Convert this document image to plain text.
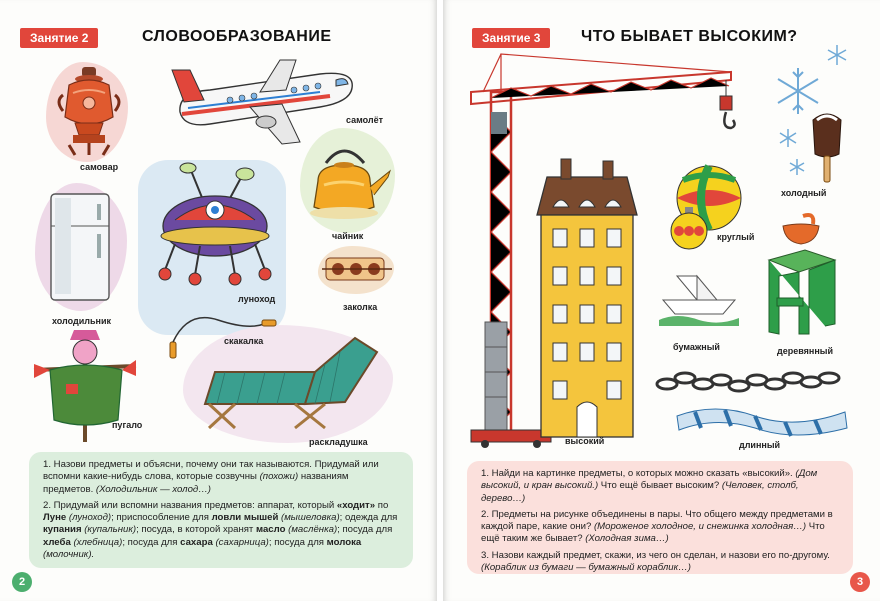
Занятие 2	СЛОВООБРАЗОВАНИЕ
самовар
самолёт
чайник
холодильник
луноход
заколка
скакалка
раскладушка
пугало

1. Назови предметы и объясни, почему они так называются. Придумай или вспомни какие-нибудь слова, которые созвучны (похожи) названиям предметов. (Холодильник — холод…)

2. Придумай или вспомни названия предметов: аппарат, который «ходит» по Луне (луноход); приспособление для ловли мышей (мышеловка); одежда для купания (купальник); посуда, в которой хранят масло (маслёнка); посуда для хлеба (хлебница); посуда для сахара (сахарница); посуда для молока (молочник).

2
Занятие 3	ЧТО БЫВАЕТ ВЫСОКИМ?
высокий
холодный
круглый
бумажный	деревянный
длинный

1. Найди на картинке предметы, о которых можно сказать «высокий». (Дом высокий, и кран высокий.) Что ещё бывает высоким? (Человек, столб, дерево…)

2. Предметы на рисунке объединены в пары. Что общего между предметами в каждой паре, какие они? (Мороженое холодное, и снежинка холодная…) Что ещё таким же бывает? (Холодная зима…)

3. Назови каждый предмет, скажи, из чего он сделан, и назови его по-другому. (Кораблик из бумаги — бумажный кораблик…)

3
